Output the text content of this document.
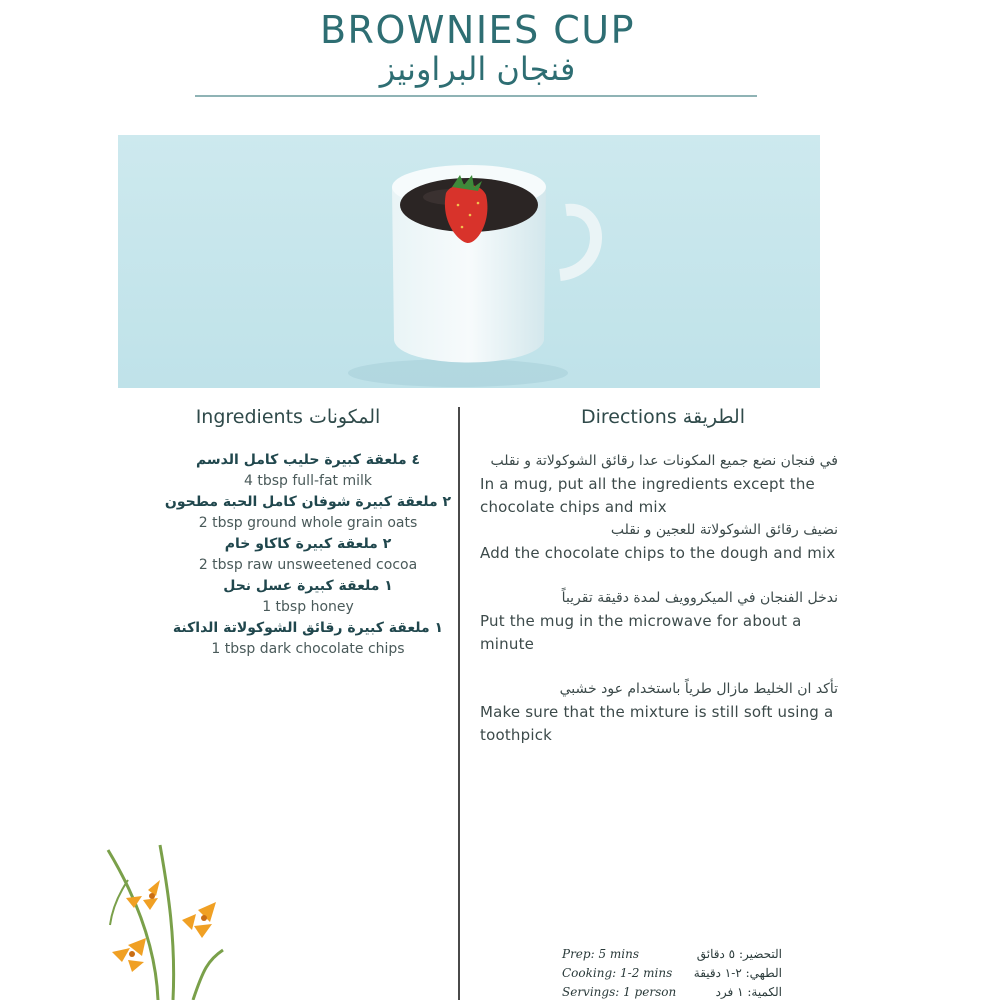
BROWNIES CUP
فنجان البراونيز
Ingredients المكونات	Directions الطريقة
٤ ملعقة كبيرة حليب كامل الدسم
4 tbsp full-fat milk
٢ ملعقة كبيرة شوفان كامل الحبة مطحون
2 tbsp ground whole grain oats
٢ ملعقة كبيرة كاكاو خام
2 tbsp raw unsweetened cocoa
١ ملعقة كبيرة عسل نحل
1 tbsp honey
١ ملعقة كبيرة رقائق الشوكولاتة الداكنة
1 tbsp dark chocolate chips
في فنجان نضع جميع المكونات عدا رقائق الشوكولاتة و نقلب
In a mug, put all the ingredients except the chocolate chips and mix
نضيف رقائق الشوكولاتة للعجين و نقلب
Add the chocolate chips to the dough and mix
ندخل الفنجان في الميكروويف لمدة دقيقة تقريباً
Put the mug in the microwave for about a minute
تأكد ان الخليط مازال طرياً باستخدام عود خشبي
Make sure that the mixture is still soft using a toothpick
Prep: 5 mins	التحضير: ٥ دقائق
Cooking: 1-2 mins الطهي: ٢-١ دقيقة
Servings: 1 person	الكمية: ١ فرد
